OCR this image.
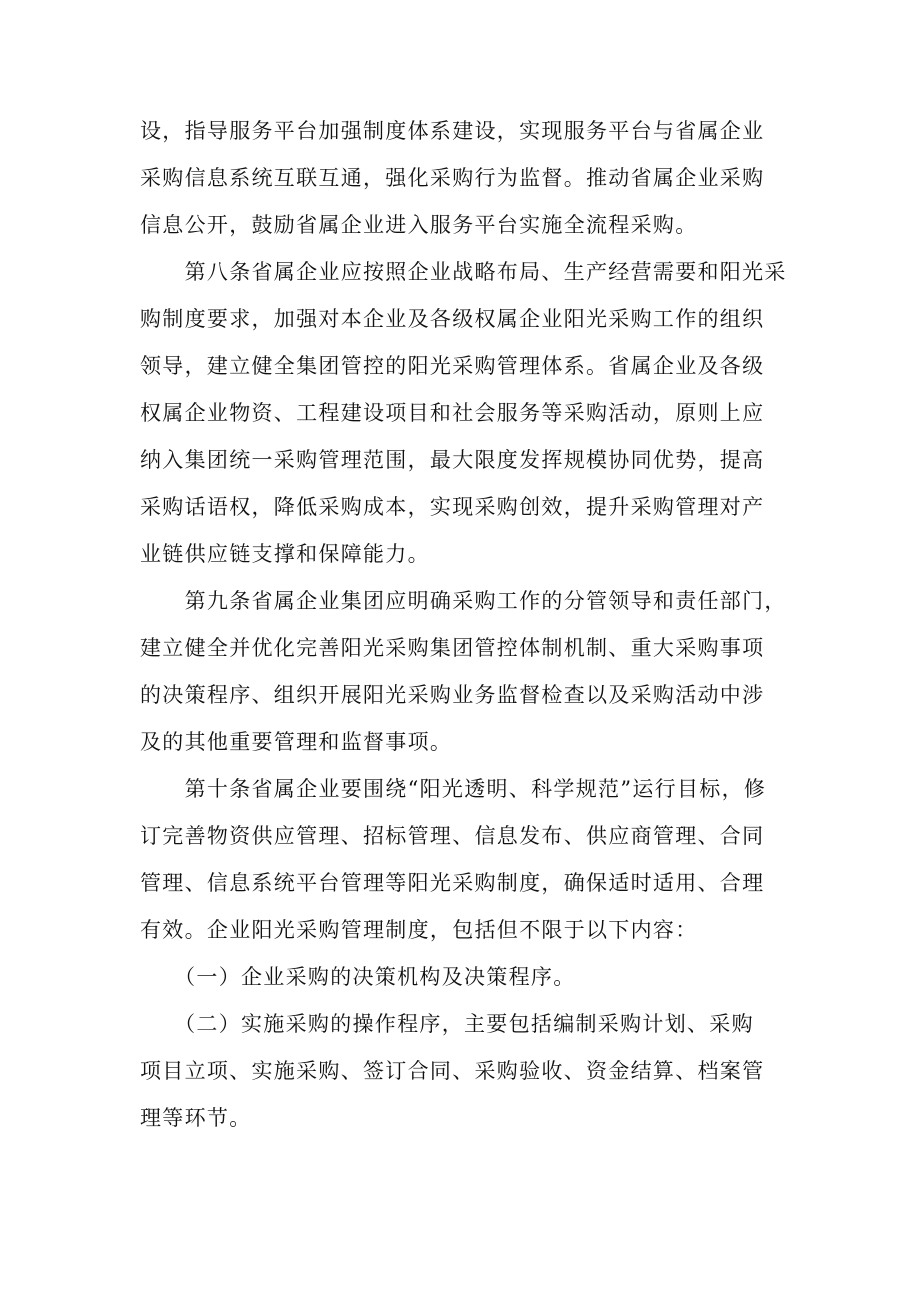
设，指导服务平台加强制度体系建设，实现服务平台与省属企业
采购信息系统互联互通，强化采购行为监督。推动省属企业采购
信息公开，鼓励省属企业进入服务平台实施全流程采购。
　　第八条省属企业应按照企业战略布局、生产经营需要和阳光采
购制度要求，加强对本企业及各级权属企业阳光采购工作的组织
领导，建立健全集团管控的阳光采购管理体系。省属企业及各级
权属企业物资、工程建设项目和社会服务等采购活动，原则上应
纳入集团统一采购管理范围，最大限度发挥规模协同优势，提高
采购话语权，降低采购成本，实现采购创效，提升采购管理对产
业链供应链支撑和保障能力。
　　第九条省属企业集团应明确采购工作的分管领导和责任部门，
建立健全并优化完善阳光采购集团管控体制机制、重大采购事项
的决策程序、组织开展阳光采购业务监督检查以及采购活动中涉
及的其他重要管理和监督事项。
　　第十条省属企业要围绕“阳光透明、科学规范”运行目标，修
订完善物资供应管理、招标管理、信息发布、供应商管理、合同
管理、信息系统平台管理等阳光采购制度，确保适时适用、合理
有效。企业阳光采购管理制度，包括但不限于以下内容：
　　（一）企业采购的决策机构及决策程序。
　　（二）实施采购的操作程序，主要包括编制采购计划、采购
项目立项、实施采购、签订合同、采购验收、资金结算、档案管
理等环节。
